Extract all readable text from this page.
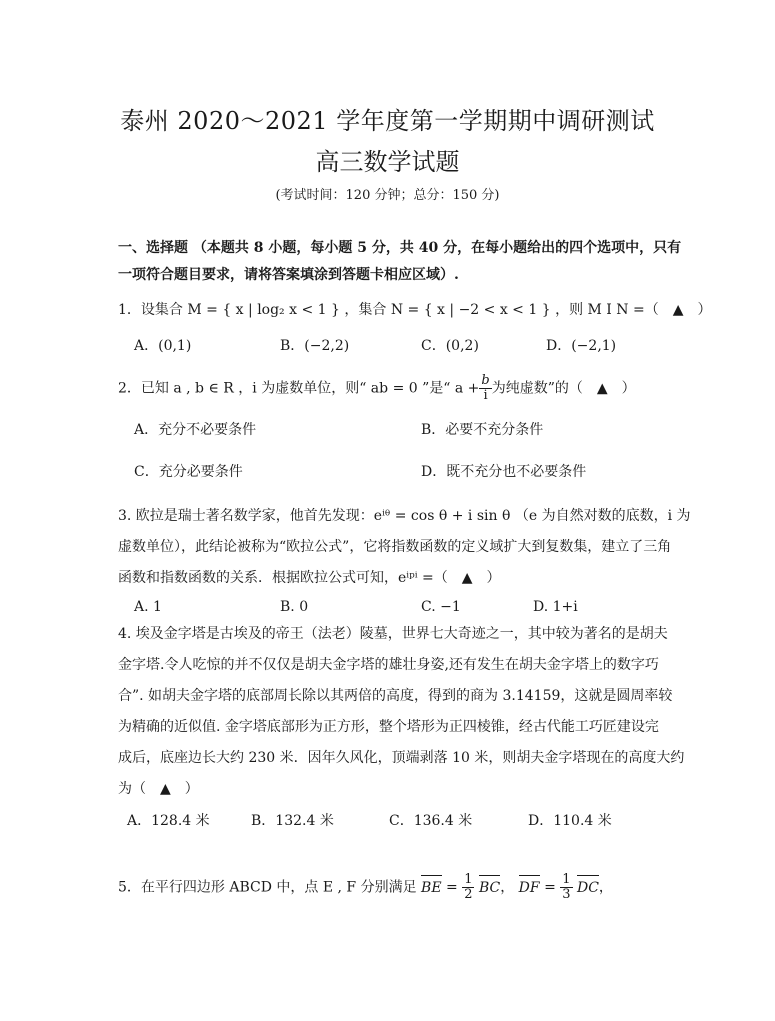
泰州 2020～2021 学年度第一学期期中调研测试
高三数学试题
(考试时间：120 分钟；总分：150 分)
一、选择题 （本题共 8 小题，每小题 5 分，共 40 分，在每小题给出的四个选项中，只有
一项符合题目要求，请将答案填涂到答题卡相应区域）.
1．设集合 M = { x | log₂ x < 1 } ，集合 N = { x | −2 < x < 1 } ，则 M Ⅰ N =（　▲　）
A．(0,1)	B．(−2,2)	C．(0,2)	D．(−2,1)
2．已知 a , b ∈ R ，i 为虚数单位，则“ ab = 0 ”是“ $a + \frac{b}{i}$ 为纯虚数”的（　▲　）
A．充分不必要条件	B．必要不充分条件
C．充分必要条件	D．既不充分也不必要条件
3. 欧拉是瑞士著名数学家，他首先发现：eⁱᶿ = cos θ + i sin θ （e 为自然对数的底数，i 为
虚数单位），此结论被称为“欧拉公式”，它将指数函数的定义域扩大到复数集，建立了三角
函数和指数函数的关系．根据欧拉公式可知，eⁱᵖⁱ =（　▲　）
A. 1	B. 0	C. −1	D. 1+i
4. 埃及金字塔是古埃及的帝王（法老）陵墓，世界七大奇迹之一，其中较为著名的是胡夫
金字塔.令人吃惊的并不仅仅是胡夫金字塔的雄壮身姿,还有发生在胡夫金字塔上的数字巧
合”. 如胡夫金字塔的底部周长除以其两倍的高度，得到的商为 3.14159，这就是圆周率较
为精确的近似值. 金字塔底部形为正方形，整个塔形为正四棱锥，经古代能工巧匠建设完
成后，底座边长大约 230 米．因年久风化，顶端剥落 10 米，则胡夫金字塔现在的高度大约
为（　▲　）
A．128.4 米	B．132.4 米	C．136.4 米	D．110.4 米
5．在平行四边形 ABCD 中，点 E , F 分别满足 BE = $\frac{1}{2}$ BC， DF = $\frac{1}{3}$ DC，
